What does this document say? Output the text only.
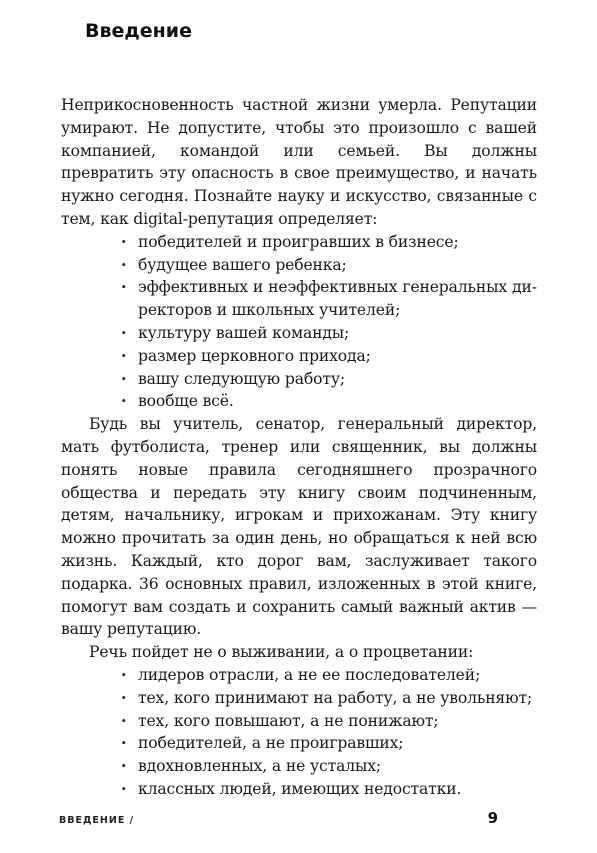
Введение

Неприкосновенность частной жизни умерла. Репутации умирают. Не допустите, чтобы это произошло с вашей компанией, командой или семьей. Вы должны превратить эту опасность в свое преимущество, и начать нужно сегодня. Познайте науку и искусство, связанные с тем, как digital-репутация определяет:

· победителей и проигравших в бизнесе;
· будущее вашего ребенка;
· эффективных и неэффективных генеральных директоров и школьных учителей;
· культуру вашей команды;
· размер церковного прихода;
· вашу следующую работу;
· вообще всё.

Будь вы учитель, сенатор, генеральный директор, мать футболиста, тренер или священник, вы должны понять новые правила сегодняшнего прозрачного общества и передать эту книгу своим подчиненным, детям, начальнику, игрокам и прихожанам. Эту книгу можно прочитать за один день, но обращаться к ней всю жизнь. Каждый, кто дорог вам, заслуживает такого подарка. 36 основных правил, изложенных в этой книге, помогут вам создать и сохранить самый важный актив — вашу репутацию.

Речь пойдет не о выживании, а о процветании:

· лидеров отрасли, а не ее последователей;
· тех, кого принимают на работу, а не увольняют;
· тех, кого повышают, а не понижают;
· победителей, а не проигравших;
· вдохновленных, а не усталых;
· классных людей, имеющих недостатки.
ВВЕДЕНИЕ /	9
